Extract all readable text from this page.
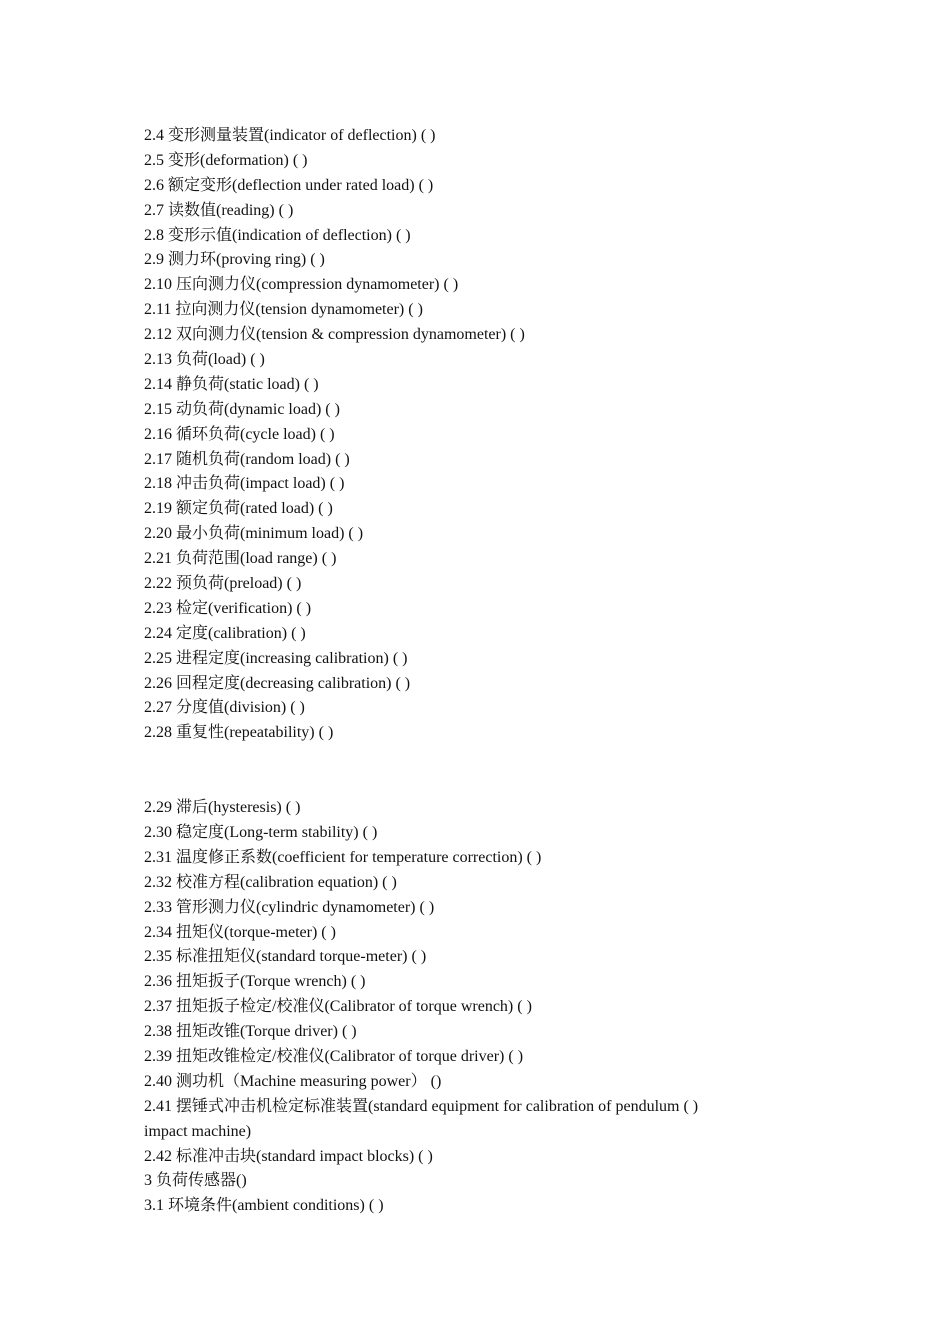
2.4 变形测量装置(indicator of deflection) ( )
2.5 变形(deformation) ( )
2.6 额定变形(deflection under rated load) ( )
2.7 读数值(reading) ( )
2.8 变形示值(indication of deflection) ( )
2.9 测力环(proving ring) ( )
2.10 压向测力仪(compression dynamometer) ( )
2.11 拉向测力仪(tension dynamometer) ( )
2.12 双向测力仪(tension & compression dynamometer) ( )
2.13 负荷(load) ( )
2.14 静负荷(static load) ( )
2.15 动负荷(dynamic load) ( )
2.16 循环负荷(cycle load) ( )
2.17 随机负荷(random load) ( )
2.18 冲击负荷(impact load) ( )
2.19 额定负荷(rated load) ( )
2.20 最小负荷(minimum load) ( )
2.21 负荷范围(load range) ( )
2.22 预负荷(preload) ( )
2.23 检定(verification) ( )
2.24 定度(calibration) ( )
2.25 进程定度(increasing calibration) ( )
2.26 回程定度(decreasing calibration) ( )
2.27 分度值(division) ( )
2.28 重复性(repeatability) ( )
2.29 滞后(hysteresis) ( )
2.30 稳定度(Long-term stability) ( )
2.31 温度修正系数(coefficient for temperature correction) ( )
2.32 校准方程(calibration equation) ( )
2.33 管形测力仪(cylindric dynamometer) ( )
2.34 扭矩仪(torque-meter) ( )
2.35 标准扭矩仪(standard torque-meter) ( )
2.36 扭矩扳子(Torque wrench) ( )
2.37 扭矩扳子检定/校准仪(Calibrator of torque wrench) ( )
2.38 扭矩改锥(Torque driver) ( )
2.39 扭矩改锥检定/校准仪(Calibrator of torque driver) ( )
2.40 测功机（Machine measuring power） ()
2.41 摆锤式冲击机检定标准装置(standard equipment for calibration of pendulum ( )
impact machine)
2.42 标准冲击块(standard impact blocks) ( )
3 负荷传感器()
3.1 环境条件(ambient conditions) ( )
